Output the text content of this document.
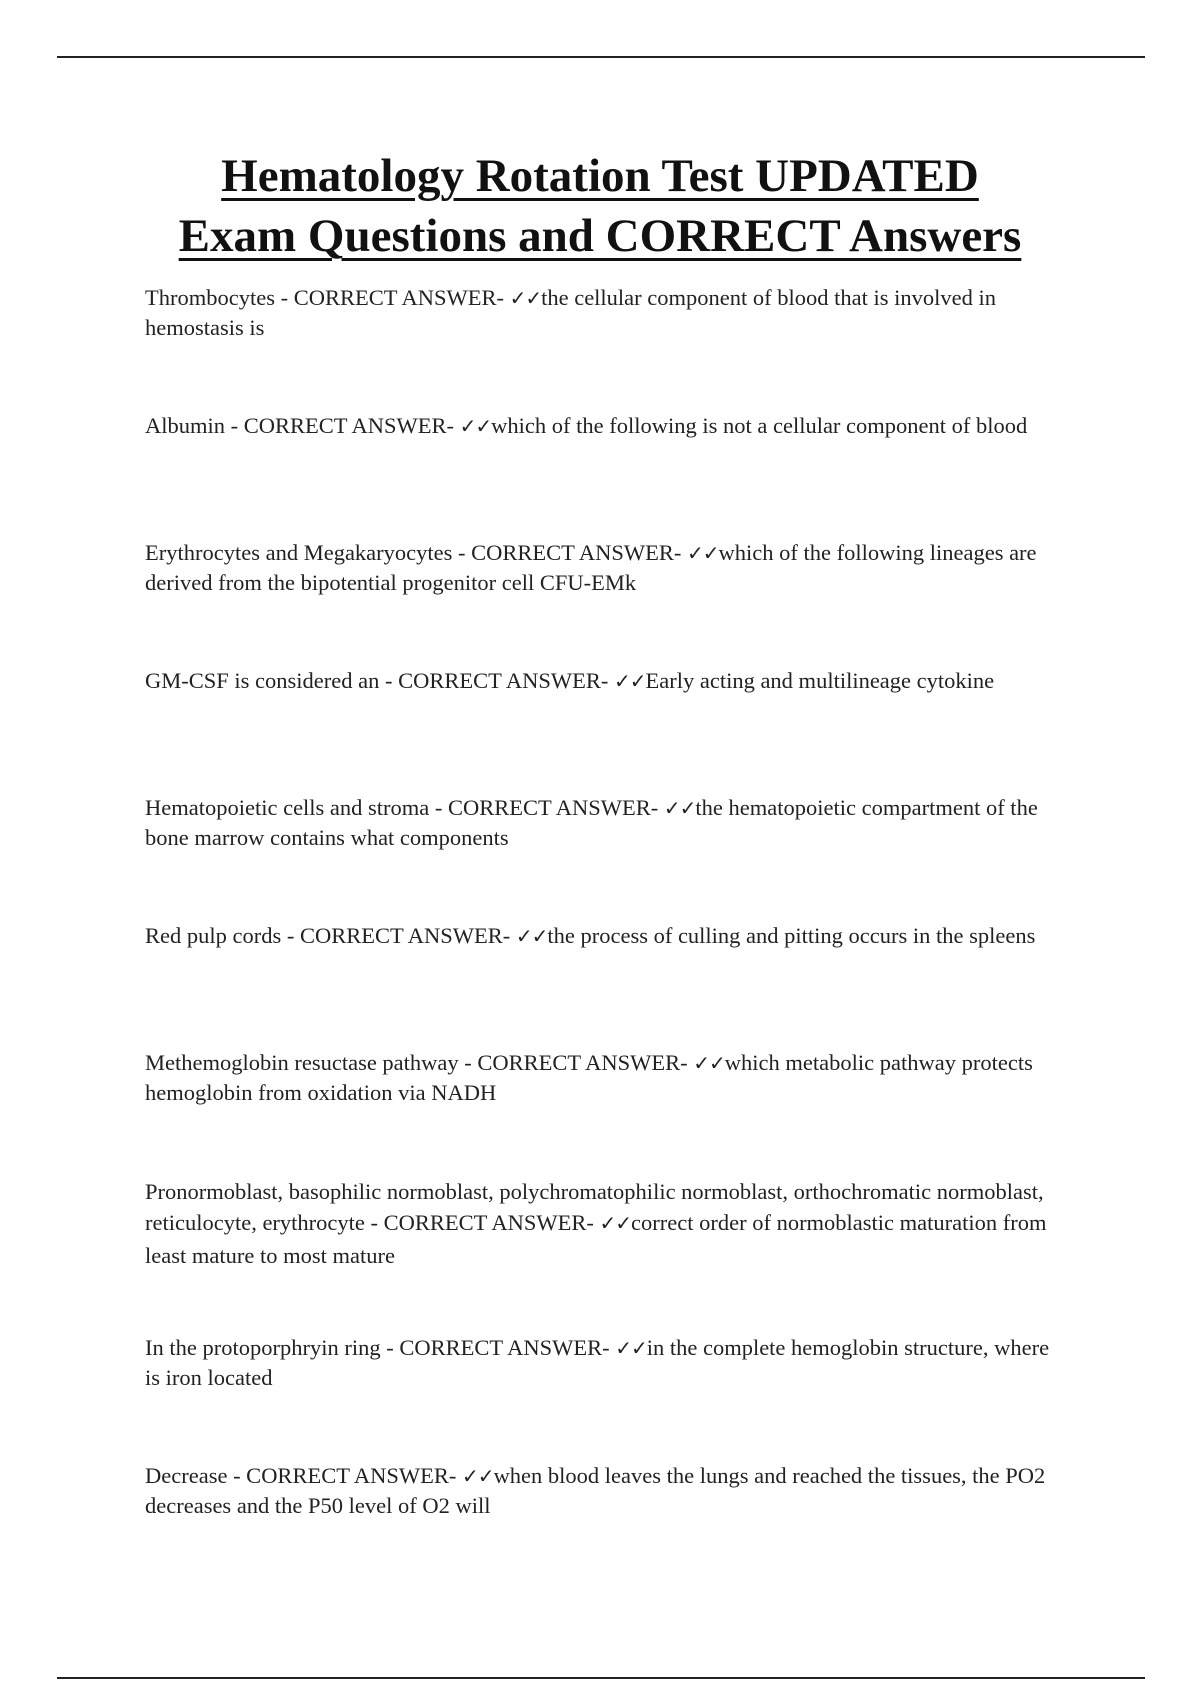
Hematology Rotation Test UPDATED
Exam Questions and CORRECT Answers

Thrombocytes - CORRECT ANSWER- ✓✓the cellular component of blood that is involved in hemostasis is

Albumin - CORRECT ANSWER- ✓✓which of the following is not a cellular component of blood

Erythrocytes and Megakaryocytes - CORRECT ANSWER- ✓✓which of the following lineages are derived from the bipotential progenitor cell CFU-EMk

GM-CSF is considered an - CORRECT ANSWER- ✓✓Early acting and multilineage cytokine

Hematopoietic cells and stroma - CORRECT ANSWER- ✓✓the hematopoietic compartment of the bone marrow contains what components

Red pulp cords - CORRECT ANSWER- ✓✓the process of culling and pitting occurs in the spleens

Methemoglobin resuctase pathway - CORRECT ANSWER- ✓✓which metabolic pathway protects hemoglobin from oxidation via NADH

Pronormoblast, basophilic normoblast, polychromatophilic normoblast, orthochromatic normoblast, reticulocyte, erythrocyte - CORRECT ANSWER- ✓✓correct order of normoblastic maturation from least mature to most mature

In the protoporphryin ring - CORRECT ANSWER- ✓✓in the complete hemoglobin structure, where is iron located

Decrease - CORRECT ANSWER- ✓✓when blood leaves the lungs and reached the tissues, the PO2 decreases and the P50 level of O2 will
